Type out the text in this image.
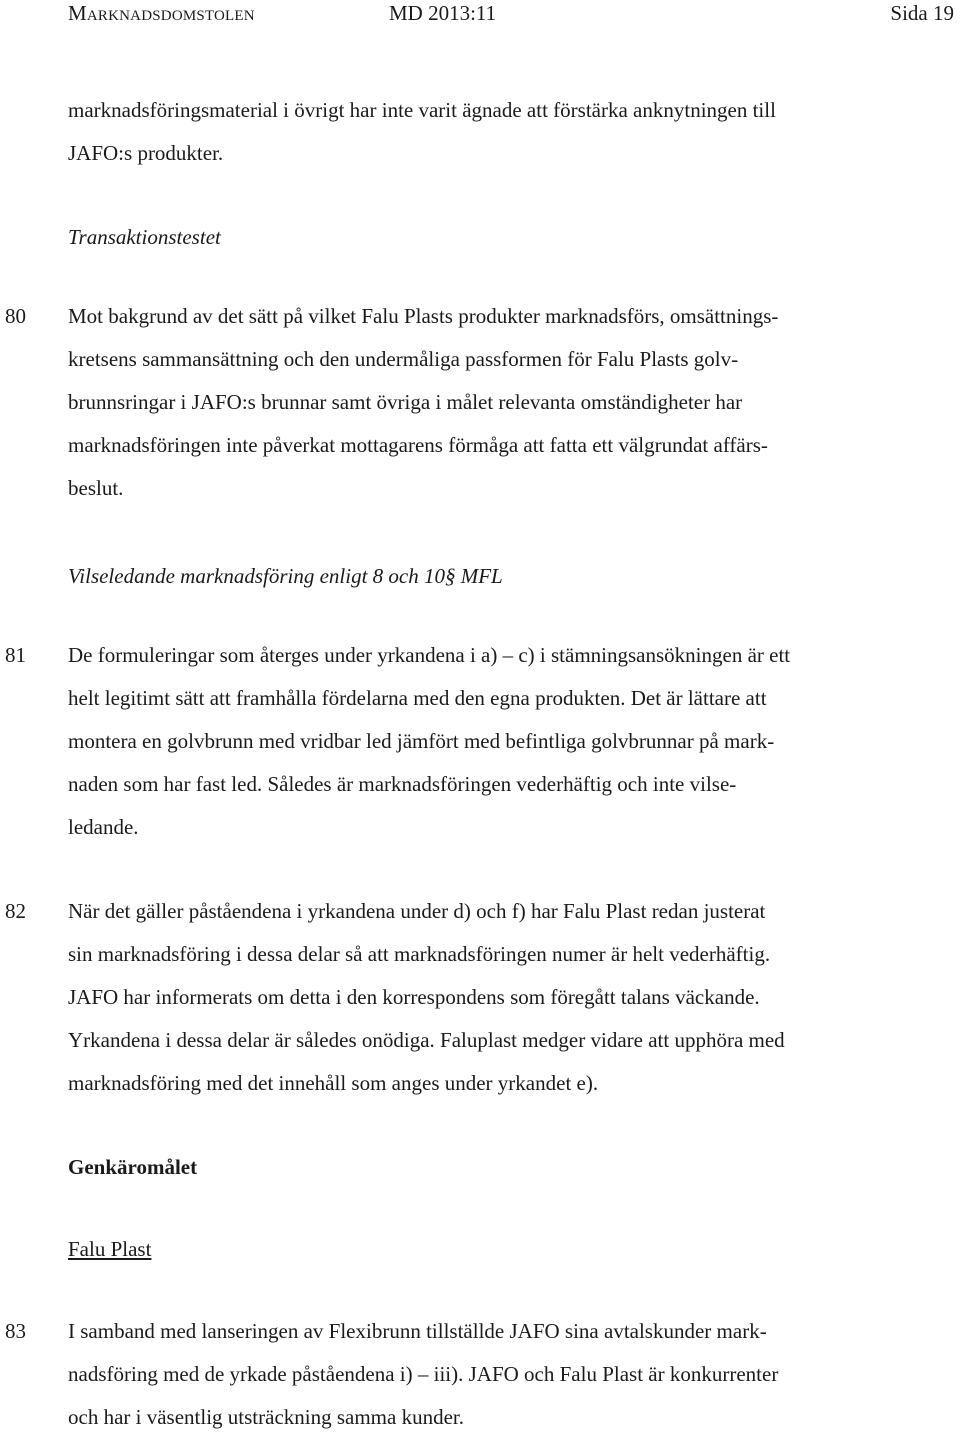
Marknadsdomstolen	MD 2013:11	Sida 19
marknadsföringsmaterial i övrigt har inte varit ägnade att förstärka anknytningen till
JAFO:s produkter.
Transaktionstestet
80 Mot bakgrund av det sätt på vilket Falu Plasts produkter marknadsförs, omsättnings-
kretsens sammansättning och den undermåliga passformen för Falu Plasts golv-
brunnsringar i JAFO:s brunnar samt övriga i målet relevanta omständigheter har
marknadsföringen inte påverkat mottagarens förmåga att fatta ett välgrundat affärs-
beslut.
Vilseledande marknadsföring enligt 8 och 10§ MFL
81 De formuleringar som återges under yrkandena i a) – c) i stämningsansökningen är ett
helt legitimt sätt att framhålla fördelarna med den egna produkten. Det är lättare att
montera en golvbrunn med vridbar led jämfört med befintliga golvbrunnar på mark-
naden som har fast led. Således är marknadsföringen vederhäftig och inte vilse-
ledande.
82 När det gäller påståendena i yrkandena under d) och f) har Falu Plast redan justerat
sin marknadsföring i dessa delar så att marknadsföringen numer är helt vederhäftig.
JAFO har informerats om detta i den korrespondens som föregått talans väckande.
Yrkandena i dessa delar är således onödiga. Faluplast medger vidare att upphöra med
marknadsföring med det innehåll som anges under yrkandet e).
Genkäromålet
Falu Plast
83 I samband med lanseringen av Flexibrunn tillställde JAFO sina avtalskunder mark-
nadsföring med de yrkade påståendena i) – iii). JAFO och Falu Plast är konkurrenter
och har i väsentlig utsträckning samma kunder.
